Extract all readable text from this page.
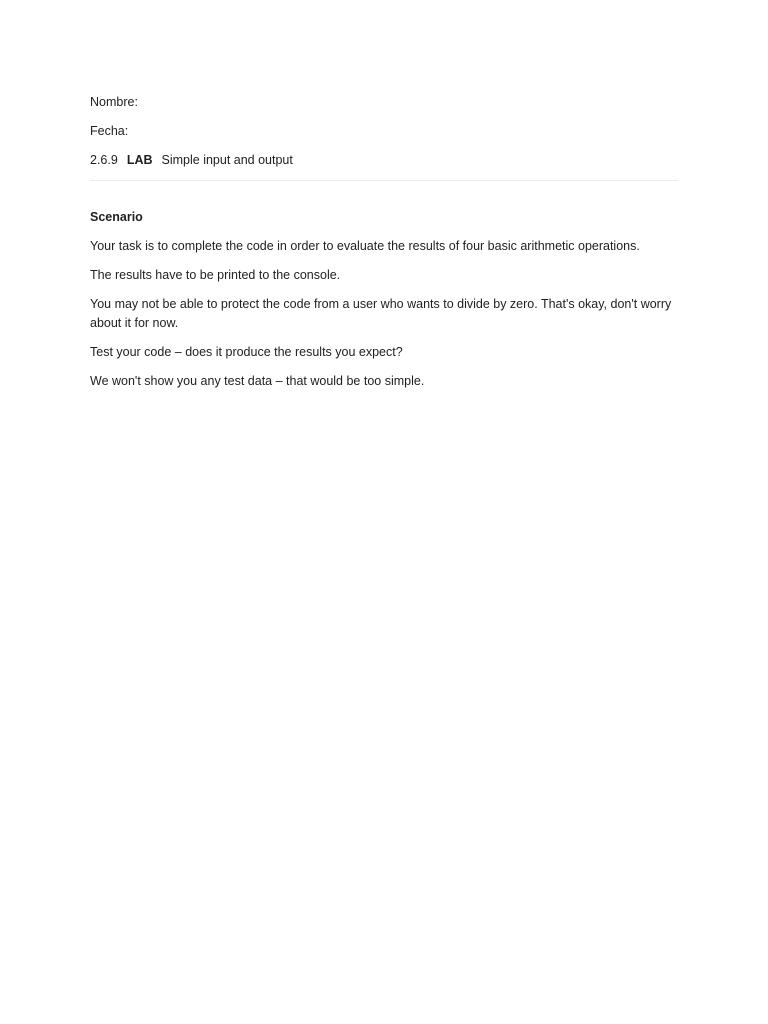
Nombre:

Fecha:

2.6.9 LAB Simple input and output

Scenario

Your task is to complete the code in order to evaluate the results of four basic arithmetic operations.

The results have to be printed to the console.

You may not be able to protect the code from a user who wants to divide by zero. That's okay, don't worry about it for now.

Test your code – does it produce the results you expect?

We won't show you any test data – that would be too simple.
